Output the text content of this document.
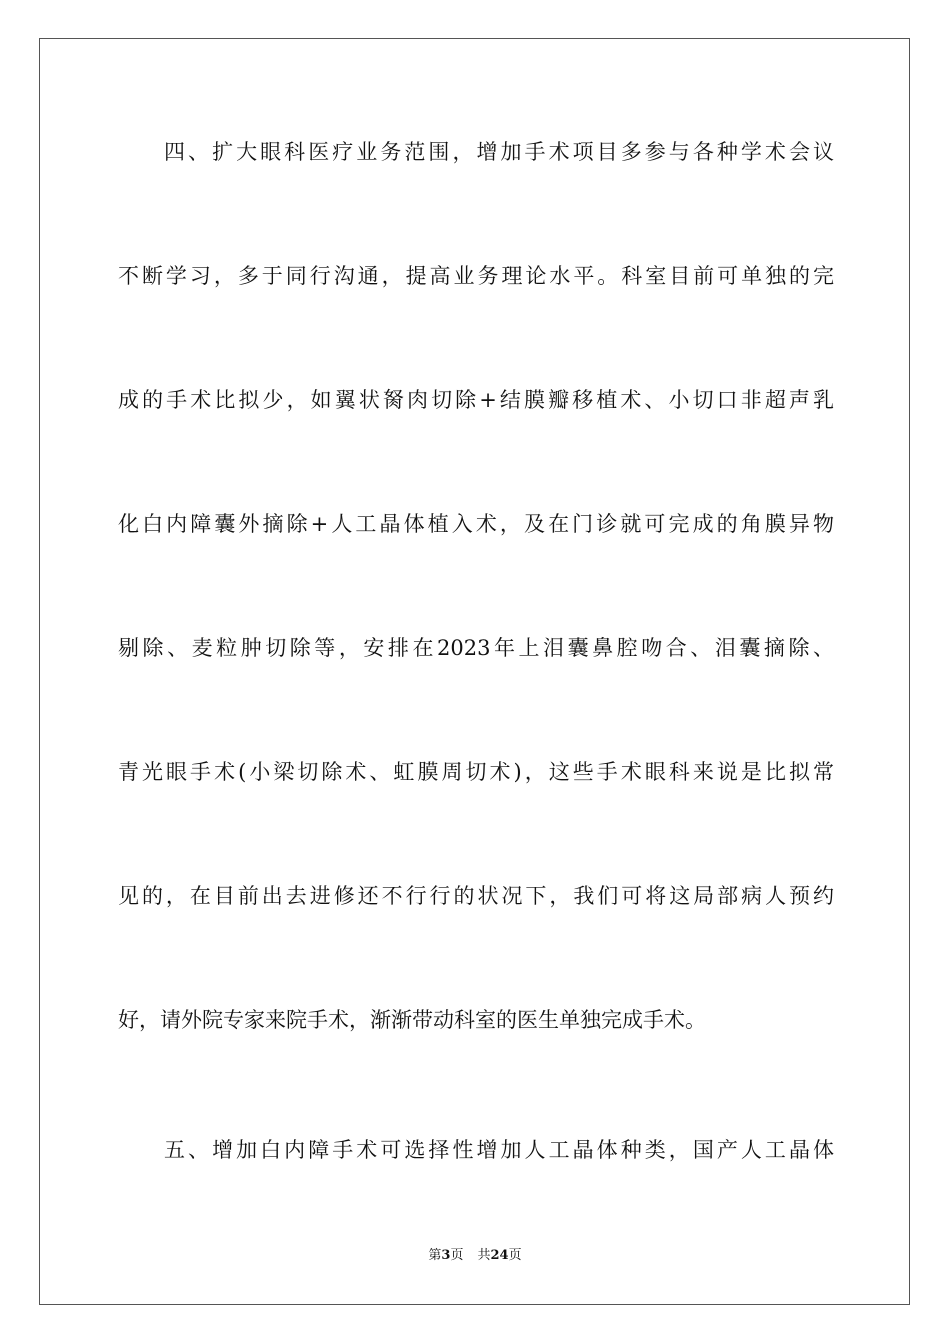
四、扩大眼科医疗业务范围，增加手术项目多参与各种学术会议
不断学习，多于同行沟通，提高业务理论水平。科室目前可单独的完
成的手术比拟少，如翼状胬肉切除+结膜瓣移植术、小切口非超声乳
化白内障囊外摘除+人工晶体植入术，及在门诊就可完成的角膜异物
剔除、麦粒肿切除等，安排在2023年上泪囊鼻腔吻合、泪囊摘除、
青光眼手术(小梁切除术、虹膜周切术)，这些手术眼科来说是比拟常
见的，在目前出去进修还不行行的状况下，我们可将这局部病人预约
好，请外院专家来院手术，渐渐带动科室的医生单独完成手术。
五、增加白内障手术可选择性增加人工晶体种类，国产人工晶体
第3页 共24页
